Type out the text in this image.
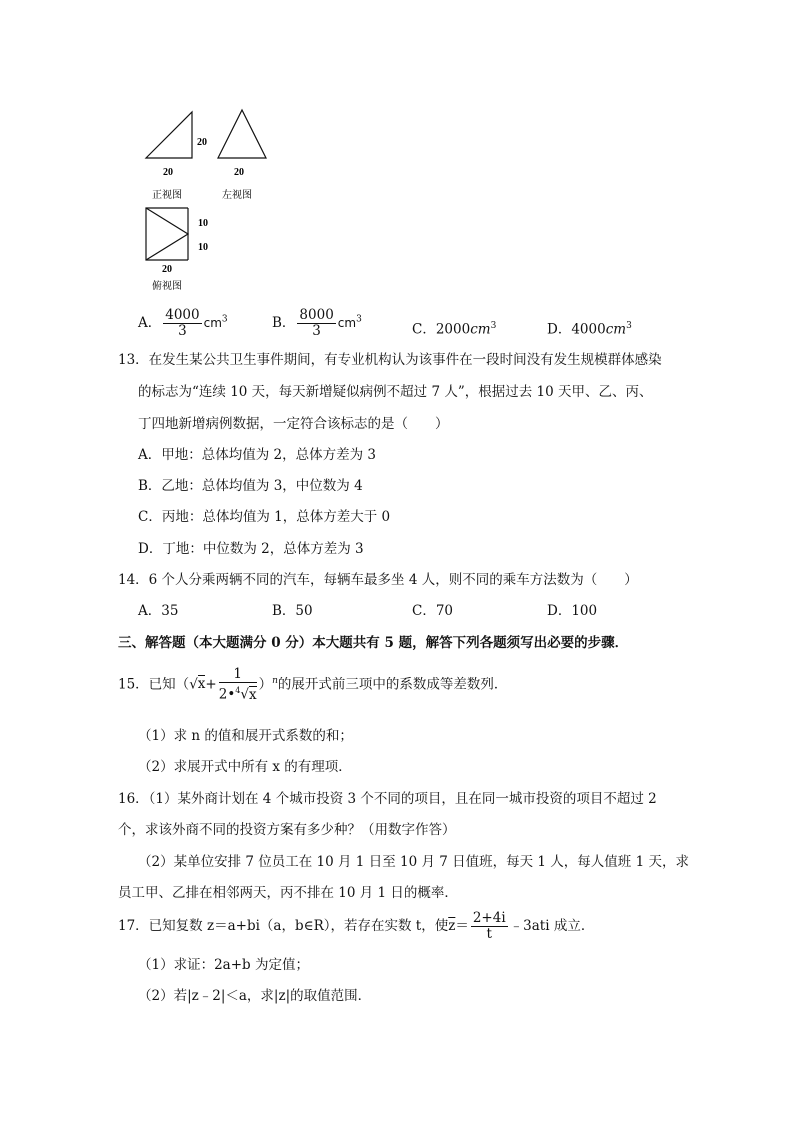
20
20
正视图
20
左视图
10
10
20
俯视图
A． $\frac{4000}{3} cm^3$	B． $\frac{8000}{3} cm^3$
C．$2000cm^3$	D．$4000cm^3$
13．在发生某公共卫生事件期间，有专业机构认为该事件在一段时间没有发生规模群体感染
的标志为“连续 10 天，每天新增疑似病例不超过 7 人”，根据过去 10 天甲、乙、丙、
丁四地新增病例数据，一定符合该标志的是（　　）
A．甲地：总体均值为 2，总体方差为 3
B．乙地：总体均值为 3，中位数为 4
C．丙地：总体均值为 1，总体方差大于 0
D．丁地：中位数为 2，总体方差为 3
14．6 个人分乘两辆不同的汽车，每辆车最多坐 4 人，则不同的乘车方法数为（　　）
A．35	B．50	C．70	D．100
三、解答题（本大题满分 0 分）本大题共有 5 题，解答下列各题须写出必要的步骤．
15．已知$(√x+ \frac{1}{2•^4√x} )^n$的展开式前三项中的系数成等差数列．
（1）求 n 的值和展开式系数的和；
（2）求展开式中所有 x 的有理项．
16．（1）某外商计划在 4 个城市投资 3 个不同的项目，且在同一城市投资的项目不超过 2
个，求该外商不同的投资方案有多少种？（用数字作答）
（2）某单位安排 7 位员工在 10 月 1 日至 10 月 7 日值班，每天 1 人，每人值班 1 天，求
员工甲、乙排在相邻两天，丙不排在 10 月 1 日的概率．
17．已知复数 z＝a+bi（a，b∈R），若存在实数 t，使$\overline{z}= \frac{2+4i}{t}$ ﹣3ati 成立．
（1）求证：2a+b 为定值；
（2）若|z﹣2|＜a，求|z|的取值范围．
